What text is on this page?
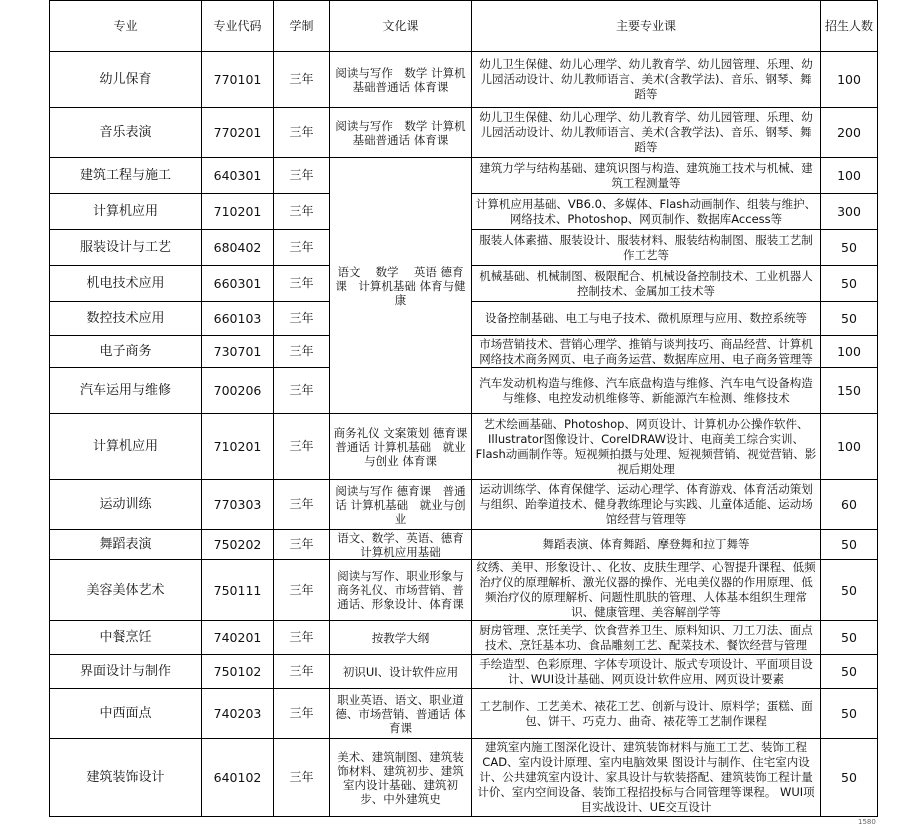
专业	专业代码	学制	文化课	主要专业课	招生人数
幼儿保育	770101	三年	阅读与写作　数学 计算机基础普通话 体育课	幼儿卫生保健、幼儿心理学、幼儿教育学、幼儿园管理、乐理、幼儿园活动设计、幼儿教师语言、美术(含教学法)、音乐、钢琴、舞蹈等	100
音乐表演	770201	三年	阅读与写作　数学 计算机基础普通话 体育课	幼儿卫生保健、幼儿心理学、幼儿教育学、幼儿园管理、乐理、幼儿园活动设计、幼儿教师语言、美术(含教学法)、音乐、钢琴、舞蹈等	200
建筑工程与施工	640301	三年	语文　 数学　 英语 德育课　计算机基础 体育与健康	建筑力学与结构基础、建筑识图与构造、建筑施工技术与机械、建筑工程测量等	100
计算机应用	710201	三年		计算机应用基础、VB6.0、多媒体、Flash动画制作、组装与维护、网络技术、Photoshop、网页制作、数据库Access等	300
服装设计与工艺	680402	三年		服装人体素描、服装设计、服装材料、服装结构制图、服装工艺制作工艺等	50
机电技术应用	660301	三年		机械基础、机械制图、极限配合、机械设备控制技术、工业机器人控制技术、金属加工技术等	50
数控技术应用	660103	三年		设备控制基础、电工与电子技术、微机原理与应用、数控系统等	50
电子商务	730701	三年		市场营销技术、营销心理学、推销与谈判技巧、商品经营、计算机网络技术商务网页、电子商务运营、数据库应用、电子商务管理等	100
汽车运用与维修	700206	三年		汽车发动机构造与维修、汽车底盘构造与维修、汽车电气设备构造与维修、电控发动机维修等、新能源汽车检测、维修技术	150
计算机应用	710201	三年	商务礼仪 文案策划 德育课　普通话 计算机基础　就业与创业 体育课	艺术绘画基础、Photoshop、网页设计、计算机办公操作软件、Illustrator图像设计、CorelDRAW设计、电商美工综合实训、Flash动画制作等。短视频拍摄与处理、短视频营销、视觉营销、影视后期处理	100
运动训练	770303	三年	阅读与写作 德育课　普通话 计算机基础　就业与创业	运动训练学、体育保健学、运动心理学、体育游戏、体育活动策划与组织、跆拳道技术、健身教练理论与实践、儿童体适能、运动场馆经营与管理等	60
舞蹈表演	750202	三年	语文、数学、英语、德育计算机应用基础	舞蹈表演、体育舞蹈、摩登舞和拉丁舞等	50
美容美体艺术	750111	三年	阅读与写作、职业形象与商务礼仪、市场营销、普通话、形象设计、体育课	纹绣、美甲、形象设计、、化妆、皮肤生理学、心智提升课程、低频治疗仪的原理解析、激光仪器的操作、光电美仪器的作用原理、低频治疗仪的原理解析、问题性肌肤的管理、人体基本组织生理常识、健康管理、美容解剖学等	50
中餐烹饪	740201	三年	按教学大纲	厨房管理、烹饪美学、饮食营养卫生、原料知识、刀工刀法、面点技术、烹饪基本功、食品雕刻工艺、配菜技术、餐饮经营与管理	50
界面设计与制作	750102	三年	初识UI、设计软件应用	手绘造型、色彩原理、字体专项设计、版式专项设计、平面项目设计、WUI设计基础、网页设计软件应用、网页设计要素	50
中西面点	740203	三年	职业英语、语文、职业道德、市场营销、普通话 体育课	工艺制作、工艺美术、裱花工艺、创新与设计、原料学；蛋糕、面包、饼干、巧克力、曲奇、裱花等工艺制作课程	50
建筑装饰设计	640102	三年	美术、建筑制图、建筑装饰材料、建筑初步、建筑室内设计基础、建筑初步、中外建筑史	建筑室内施工图深化设计、建筑装饰材料与施工工艺、装饰工程CAD、室内设计原理、室内电脑效果 图设计与制作、住宅室内设计、公共建筑室内设计、家具设计与软装搭配、建筑装饰工程计量计价、室内空间设备、装饰工程招投标与合同管理等课程。 WUI项目实战设计、UE交互设计	50
1580
